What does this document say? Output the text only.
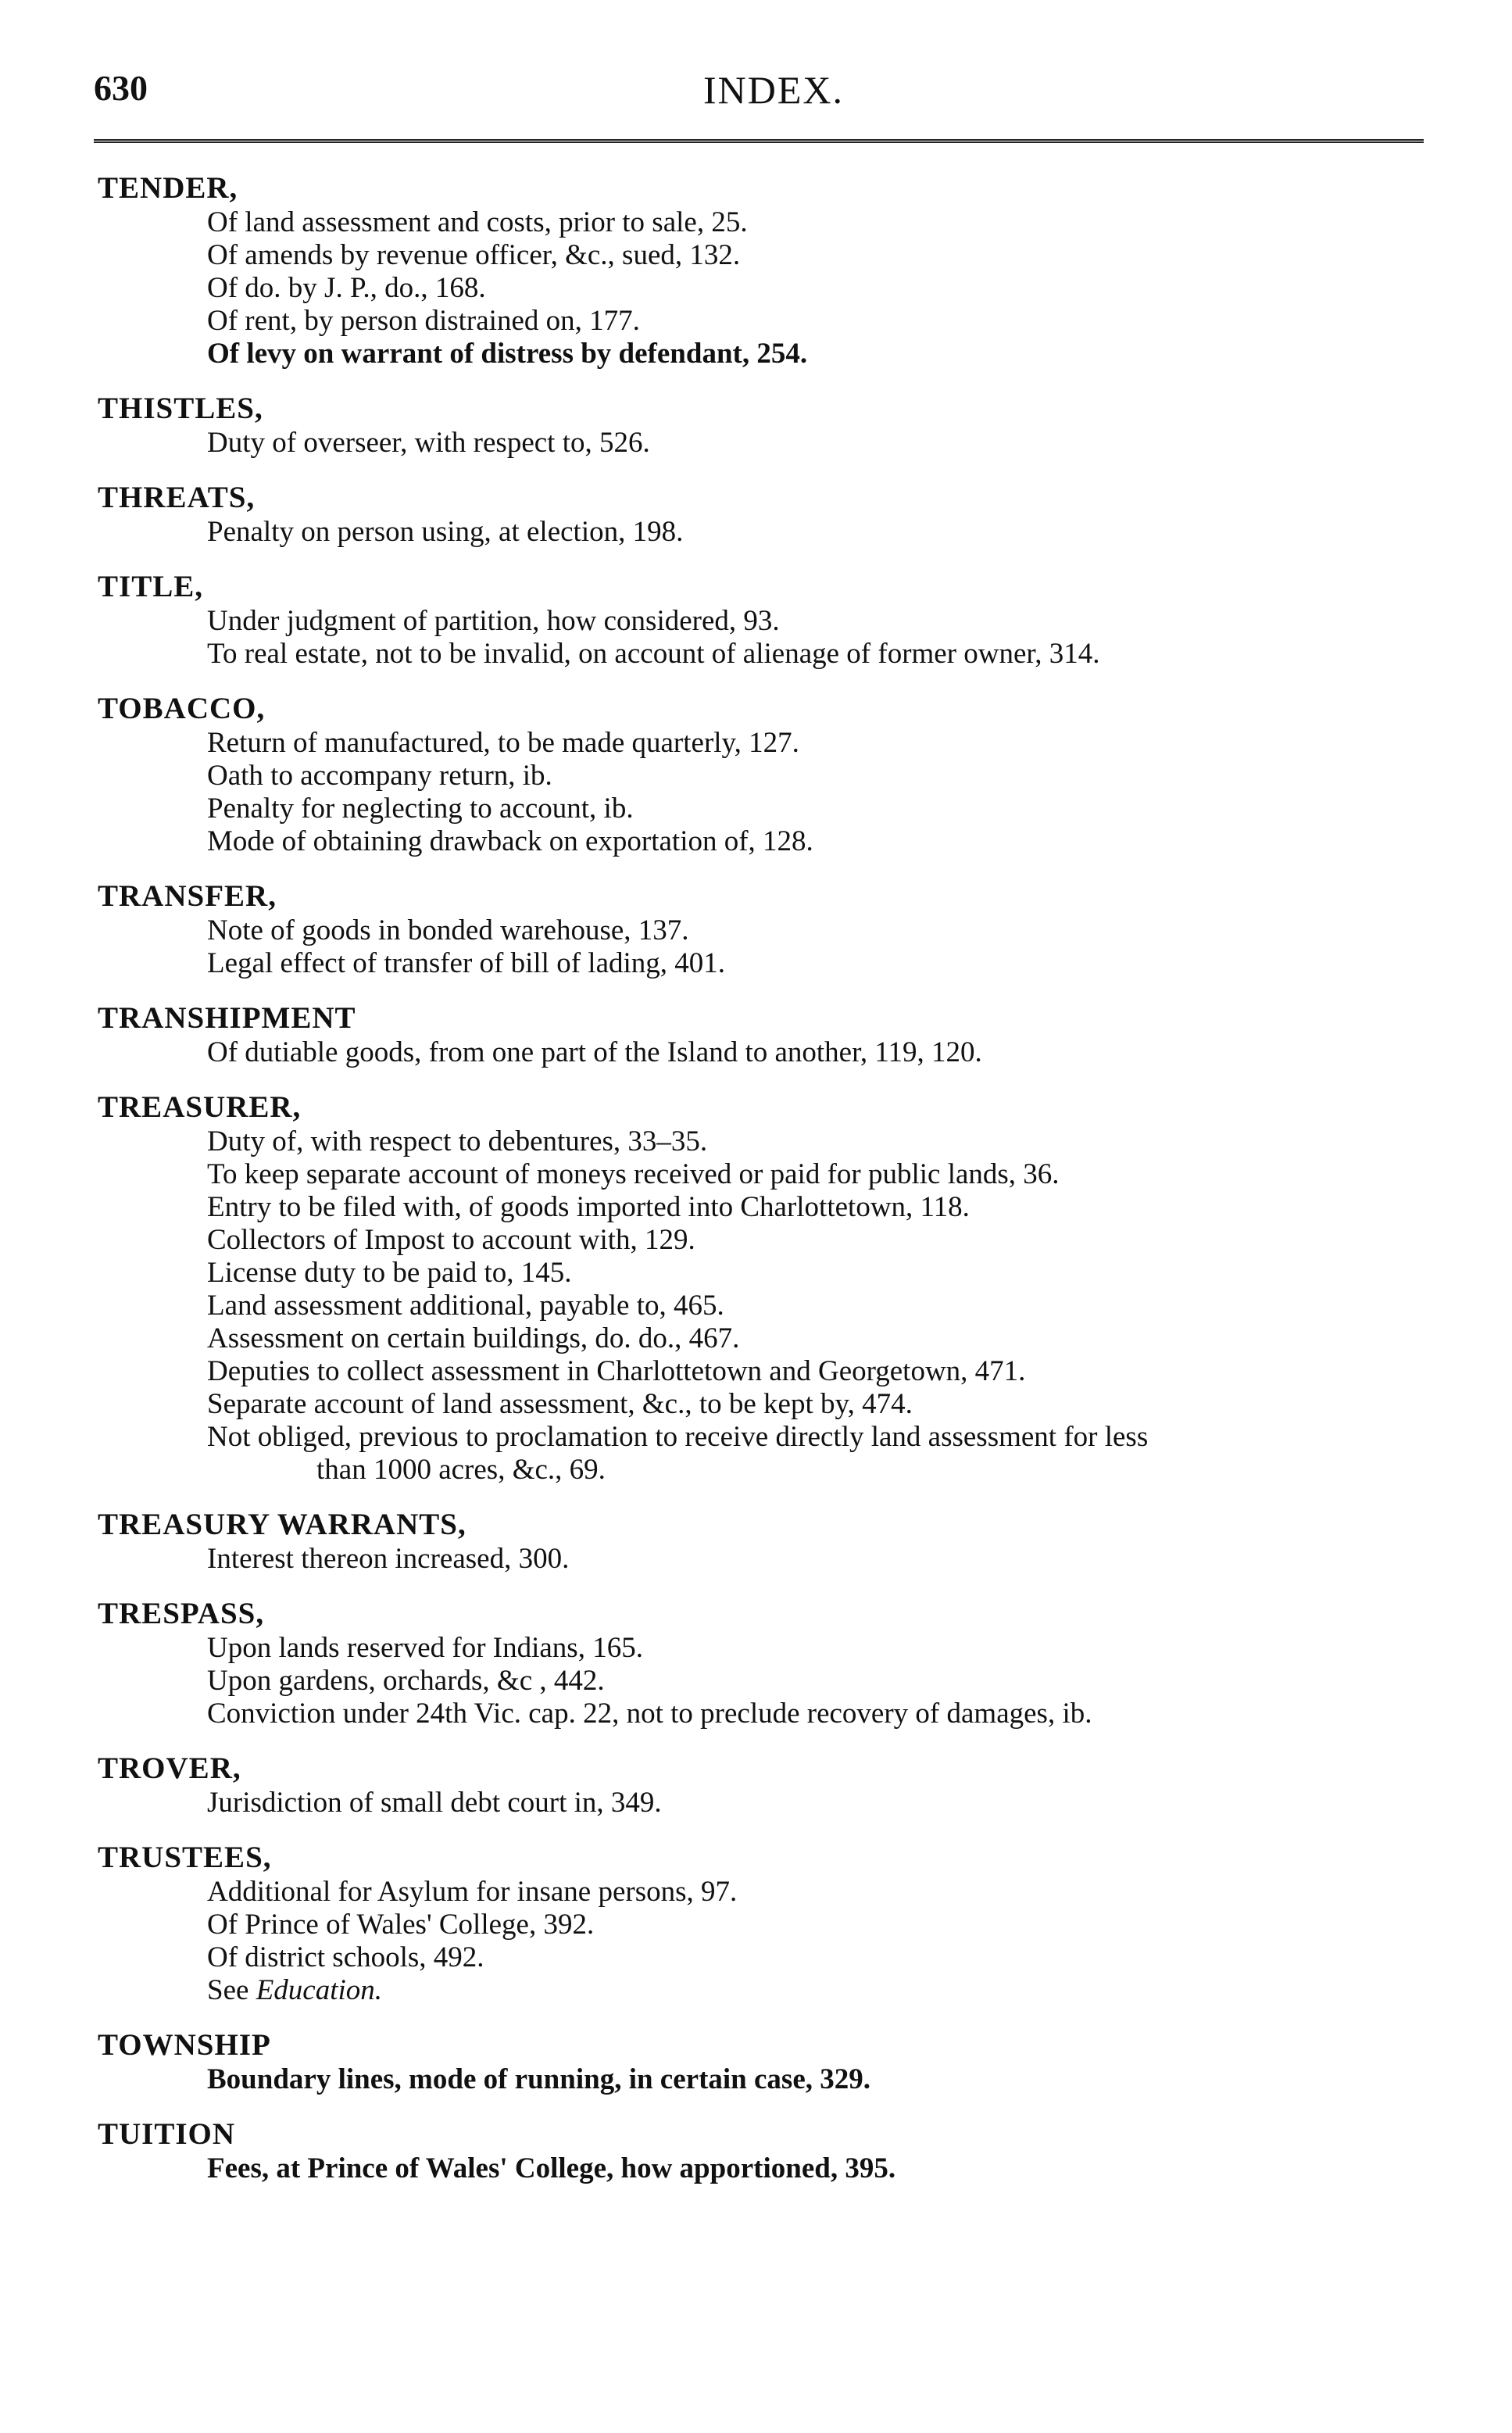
630	INDEX.
TENDER,
Of land assessment and costs, prior to sale, 25.
Of amends by revenue officer, &c., sued, 132.
Of do. by J. P., do., 168.
Of rent, by person distrained on, 177.
Of levy on warrant of distress by defendant, 254.
THISTLES,
Duty of overseer, with respect to, 526.
THREATS,
Penalty on person using, at election, 198.
TITLE,
Under judgment of partition, how considered, 93.
To real estate, not to be invalid, on account of alienage of former owner, 314.
TOBACCO,
Return of manufactured, to be made quarterly, 127.
Oath to accompany return, ib.
Penalty for neglecting to account, ib.
Mode of obtaining drawback on exportation of, 128.
TRANSFER,
Note of goods in bonded warehouse, 137.
Legal effect of transfer of bill of lading, 401.
TRANSHIPMENT
Of dutiable goods, from one part of the Island to another, 119, 120.
TREASURER,
Duty of, with respect to debentures, 33–35.
To keep separate account of moneys received or paid for public lands, 36.
Entry to be filed with, of goods imported into Charlottetown, 118.
Collectors of Impost to account with, 129.
License duty to be paid to, 145.
Land assessment additional, payable to, 465.
Assessment on certain buildings, do. do., 467.
Deputies to collect assessment in Charlottetown and Georgetown, 471.
Separate account of land assessment, &c., to be kept by, 474.
Not obliged, previous to proclamation to receive directly land assessment for less
than 1000 acres, &c., 69.
TREASURY WARRANTS,
Interest thereon increased, 300.
TRESPASS,
Upon lands reserved for Indians, 165.
Upon gardens, orchards, &c , 442.
Conviction under 24th Vic. cap. 22, not to preclude recovery of damages, ib.
TROVER,
Jurisdiction of small debt court in, 349.
TRUSTEES,
Additional for Asylum for insane persons, 97.
Of Prince of Wales' College, 392.
Of district schools, 492.
See Education.
TOWNSHIP
Boundary lines, mode of running, in certain case, 329.
TUITION
Fees, at Prince of Wales' College, how apportioned, 395.
